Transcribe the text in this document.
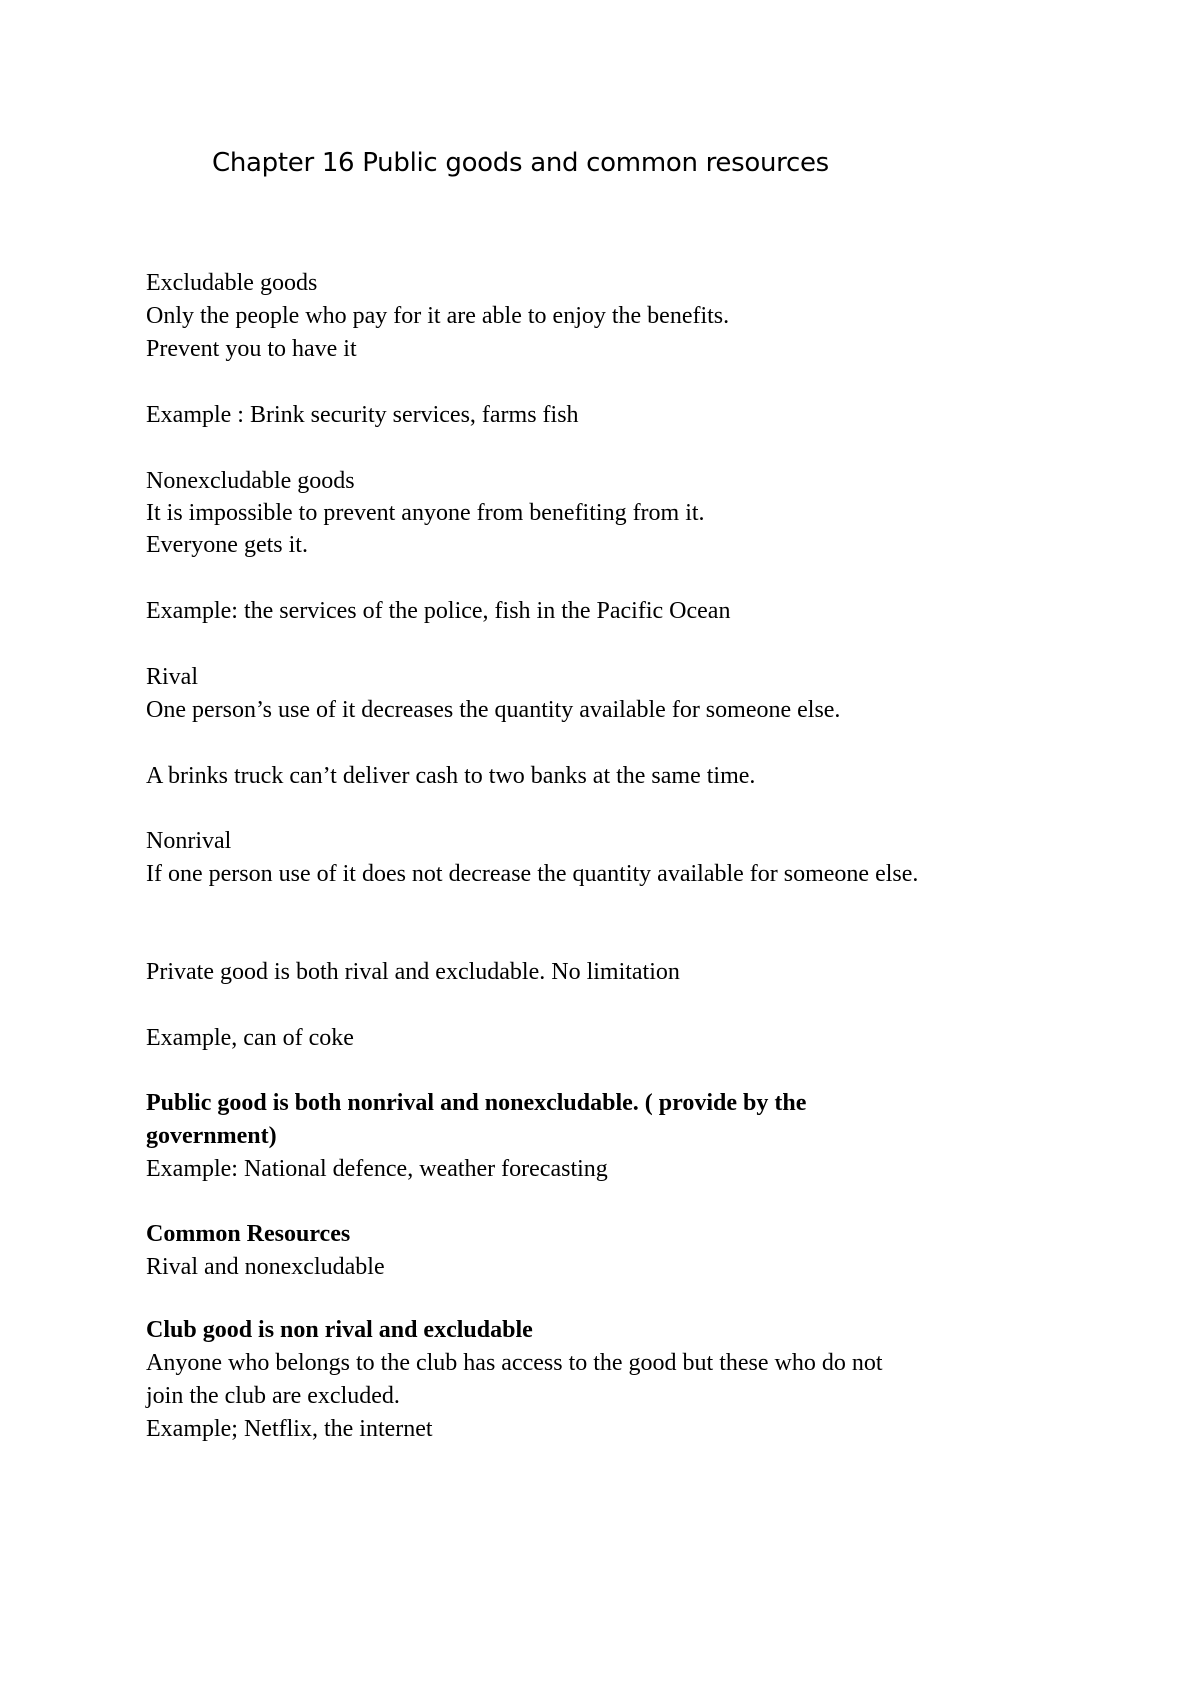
Chapter 16 Public goods and common resources
Excludable goods
Only the people who pay for it are able to enjoy the benefits.
Prevent you to have it
Example : Brink security services, farms fish
Nonexcludable goods
It is impossible to prevent anyone from benefiting from it.
Everyone gets it.
Example: the services of the police, fish in the Pacific Ocean
Rival
One person’s use of it decreases the quantity available for someone else.
A brinks truck can’t deliver cash to two banks at the same time.
Nonrival
If one person use of it does not decrease the quantity available for someone else.
Private good is both rival and excludable. No limitation
Example, can of coke
Public good is both nonrival and nonexcludable. ( provide by the
government)
Example: National defence, weather forecasting
Common Resources
Rival and nonexcludable
Club good is non rival and excludable
Anyone who belongs to the club has access to the good but these who do not
join the club are excluded.
Example; Netflix, the internet
